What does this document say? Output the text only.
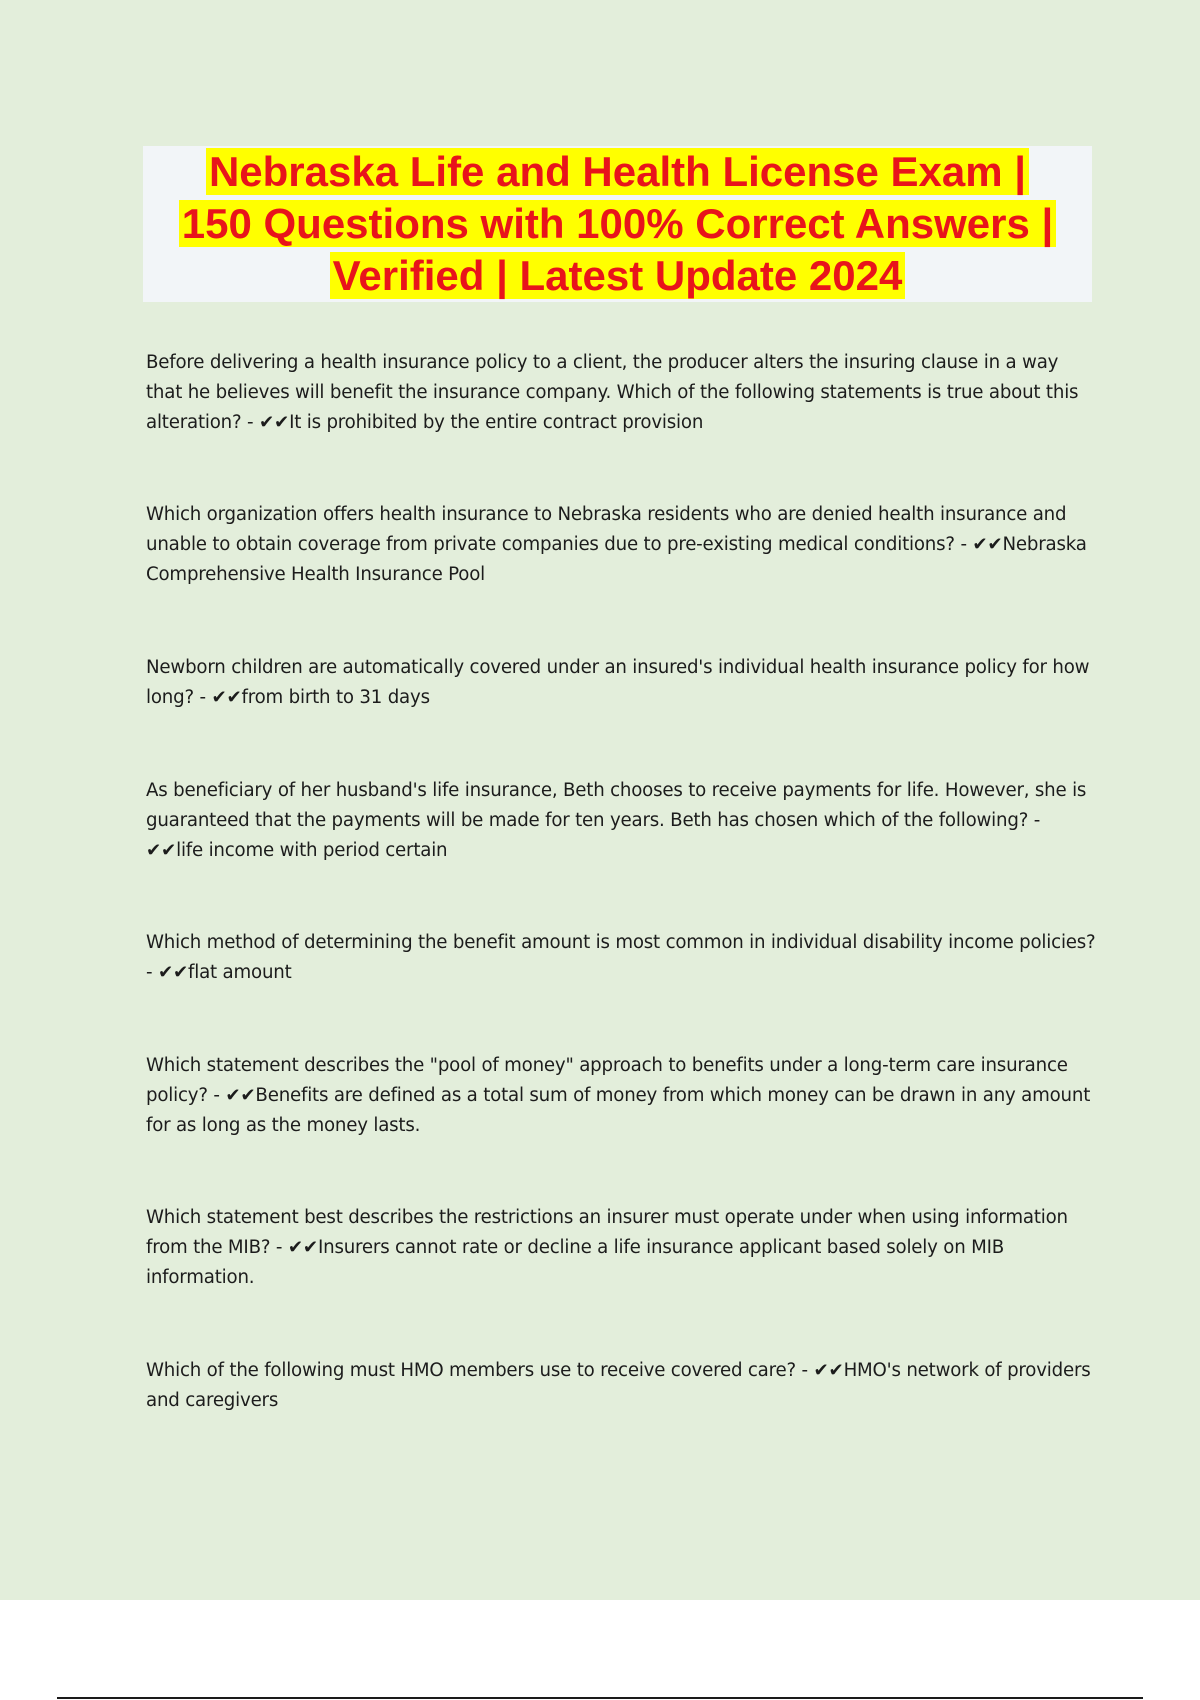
Nebraska Life and Health License Exam |
150 Questions with 100% Correct Answers |
Verified | Latest Update 2024
Before delivering a health insurance policy to a client, the producer alters the insuring clause in a way that he believes will benefit the insurance company. Which of the following statements is true about this alteration? - ✔✔It is prohibited by the entire contract provision
Which organization offers health insurance to Nebraska residents who are denied health insurance and unable to obtain coverage from private companies due to pre-existing medical conditions? - ✔✔Nebraska Comprehensive Health Insurance Pool
Newborn children are automatically covered under an insured's individual health insurance policy for how long? - ✔✔from birth to 31 days
As beneficiary of her husband's life insurance, Beth chooses to receive payments for life. However, she is guaranteed that the payments will be made for ten years. Beth has chosen which of the following? - ✔✔life income with period certain
Which method of determining the benefit amount is most common in individual disability income policies? - ✔✔flat amount
Which statement describes the "pool of money" approach to benefits under a long-term care insurance policy? - ✔✔Benefits are defined as a total sum of money from which money can be drawn in any amount for as long as the money lasts.
Which statement best describes the restrictions an insurer must operate under when using information from the MIB? - ✔✔Insurers cannot rate or decline a life insurance applicant based solely on MIB information.
Which of the following must HMO members use to receive covered care? - ✔✔HMO's network of providers and caregivers
